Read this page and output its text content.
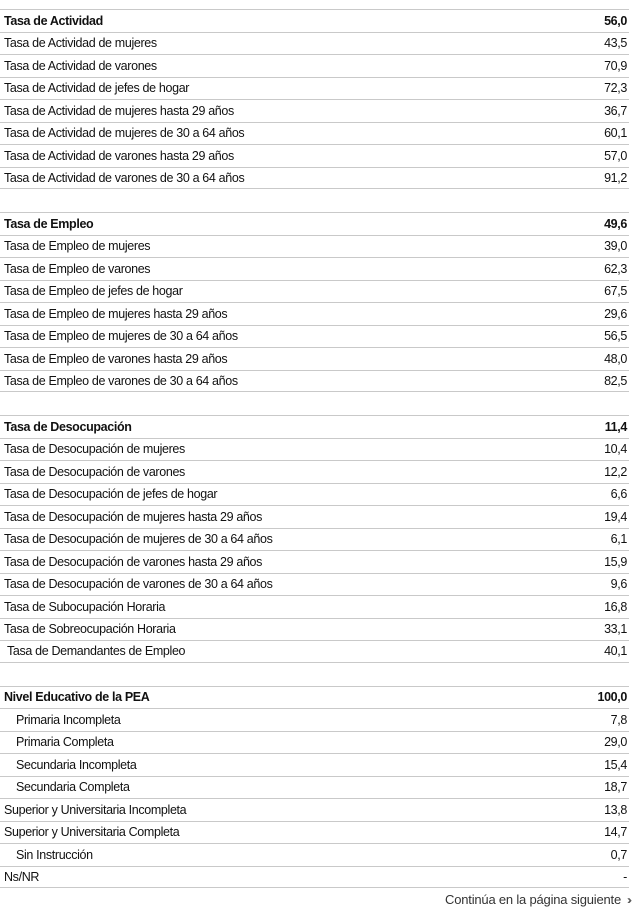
Tasa de Actividad	56,0
Tasa de Actividad de mujeres	43,5
Tasa de Actividad de varones	70,9
Tasa de Actividad de jefes de hogar	72,3
Tasa de Actividad de mujeres hasta 29 años	36,7
Tasa de Actividad de mujeres de 30 a 64 años	60,1
Tasa de Actividad de varones hasta 29 años	57,0
Tasa de Actividad de varones de 30 a 64 años	91,2
Tasa de Empleo	49,6
Tasa de Empleo de mujeres	39,0
Tasa de Empleo de varones	62,3
Tasa de Empleo de jefes de hogar	67,5
Tasa de Empleo de mujeres hasta 29 años	29,6
Tasa de Empleo de mujeres de 30 a 64 años	56,5
Tasa de Empleo de varones hasta 29 años	48,0
Tasa de Empleo de varones de 30 a 64 años	82,5
Tasa de Desocupación	11,4
Tasa de Desocupación de mujeres	10,4
Tasa de Desocupación de varones	12,2
Tasa de Desocupación de jefes de hogar	6,6
Tasa de Desocupación de mujeres hasta 29 años	19,4
Tasa de Desocupación de mujeres de 30 a 64 años	6,1
Tasa de Desocupación de varones hasta 29 años	15,9
Tasa de Desocupación de varones de 30 a 64 años	9,6
Tasa de Subocupación Horaria	16,8
Tasa de Sobreocupación Horaria	33,1
Tasa de Demandantes de Empleo	40,1
Nivel Educativo de la PEA	100,0
Primaria Incompleta	7,8
Primaria Completa	29,0
Secundaria Incompleta	15,4
Secundaria Completa	18,7
Superior y Universitaria Incompleta	13,8
Superior y Universitaria Completa	14,7
Sin Instrucción	0,7
Ns/NR	-
Continúa en la página siguiente ››
